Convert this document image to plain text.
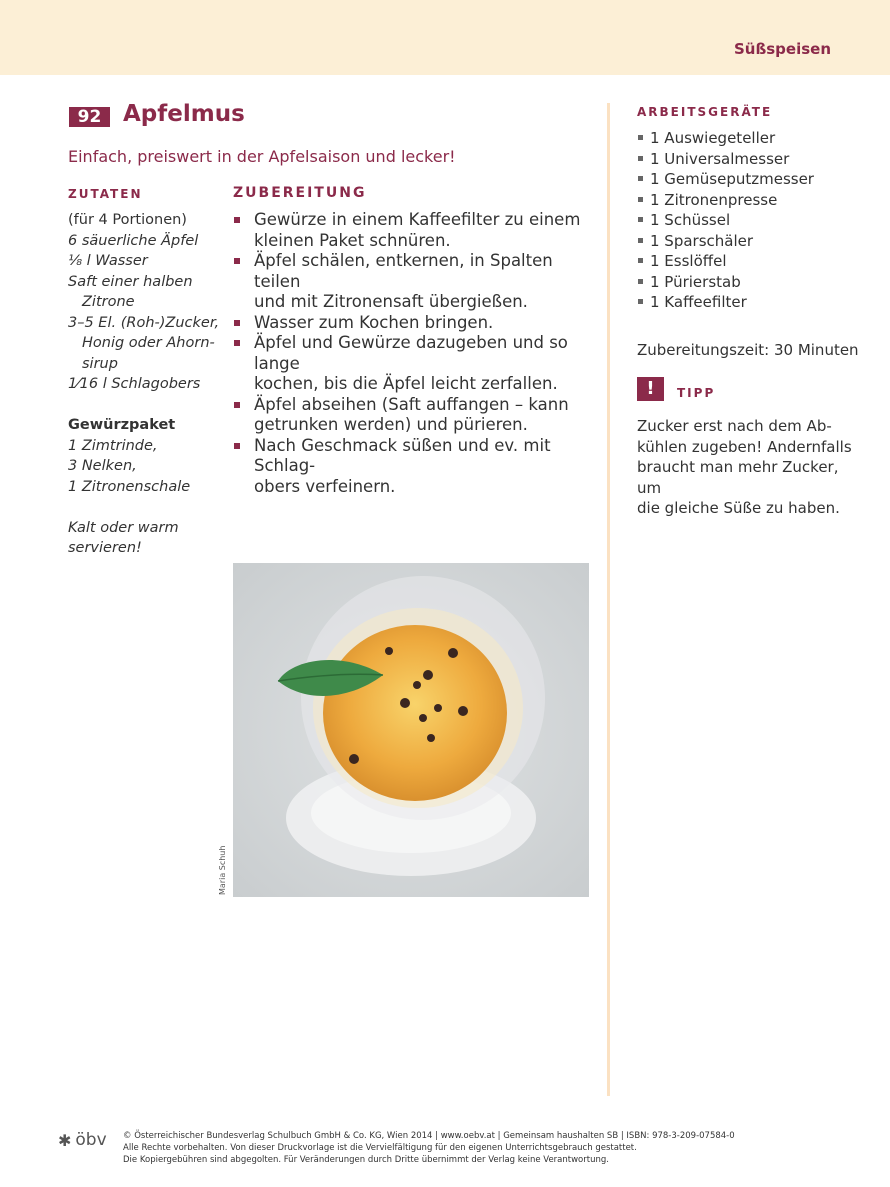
Süßspeisen
92 Apfelmus
Einfach, preiswert in der Apfelsaison und lecker!
ZUTATEN	ZUBEREITUNG
(für 4 Portionen)
6 säuerliche Äpfel
⅛ l Wasser
Saft einer halben
Zitrone
3–5 El. (Roh-)Zucker,
Honig oder Ahorn-
sirup
1⁄16 l Schlagobers
Gewürzpaket
1 Zimtrinde,
3 Nelken,
1 Zitronenschale
Kalt oder warm
servieren!
Gewürze in einem Kaffeefilter zu einem
kleinen Paket schnüren.
Äpfel schälen, entkernen, in Spalten teilen
und mit Zitronensaft übergießen.
Wasser zum Kochen bringen.
Äpfel und Gewürze dazugeben und so lange
kochen, bis die Äpfel leicht zerfallen.
Äpfel abseihen (Saft auffangen – kann
getrunken werden) und pürieren.
Nach Geschmack süßen und ev. mit Schlag-
obers verfeinern.
ARBEITSGERÄTE
1 Auswiegeteller
1 Universalmesser
1 Gemüseputzmesser
1 Zitronenpresse
1 Schüssel
1 Sparschäler
1 Esslöffel
1 Pürierstab
1 Kaffeefilter
Zubereitungszeit: 30 Minuten
!	TIPP
Zucker erst nach dem Ab-
kühlen zugeben! Andernfalls
braucht man mehr Zucker, um
die gleiche Süße zu haben.
Maria Schuh
✱ öbv © Österreichischer Bundesverlag Schulbuch GmbH & Co. KG, Wien 2014 | www.oebv.at | Gemeinsam haushalten SB | ISBN: 978-3-209-07584-0
Alle Rechte vorbehalten. Von dieser Druckvorlage ist die Vervielfältigung für den eigenen Unterrichtsgebrauch gestattet.
Die Kopiergebühren sind abgegolten. Für Veränderungen durch Dritte übernimmt der Verlag keine Verantwortung.
